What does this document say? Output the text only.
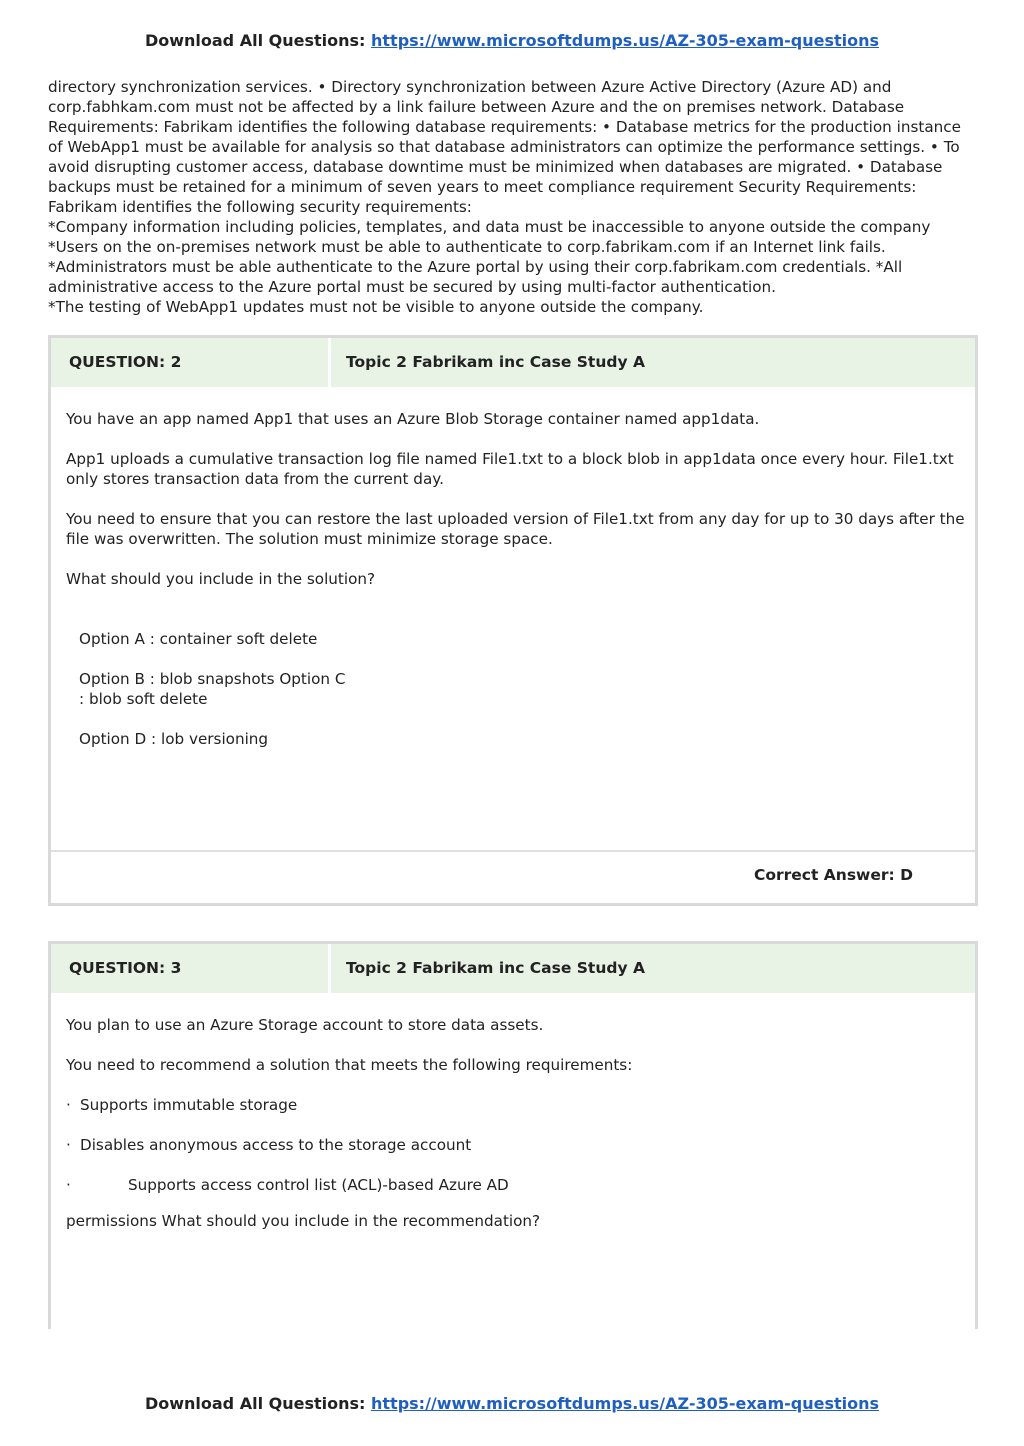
Download All Questions: https://www.microsoftdumps.us/AZ-305-exam-questions

directory synchronization services. • Directory synchronization between Azure Active Directory (Azure AD) and corp.fabhkam.com must not be affected by a link failure between Azure and the on premises network. Database Requirements: Fabrikam identifies the following database requirements: • Database metrics for the production instance of WebApp1 must be available for analysis so that database administrators can optimize the performance settings. • To avoid disrupting customer access, database downtime must be minimized when databases are migrated. • Database backups must be retained for a minimum of seven years to meet compliance requirement Security Requirements: Fabrikam identifies the following security requirements:

*Company information including policies, templates, and data must be inaccessible to anyone outside the company

*Users on the on-premises network must be able to authenticate to corp.fabrikam.com if an Internet link fails.

*Administrators must be able authenticate to the Azure portal by using their corp.fabrikam.com credentials. *All administrative access to the Azure portal must be secured by using multi-factor authentication.

*The testing of WebApp1 updates must not be visible to anyone outside the company.

QUESTION: 2	Topic 2 Fabrikam inc Case Study A

You have an app named App1 that uses an Azure Blob Storage container named app1data.

App1 uploads a cumulative transaction log file named File1.txt to a block blob in app1data once every hour. File1.txt only stores transaction data from the current day.

You need to ensure that you can restore the last uploaded version of File1.txt from any day for up to 30 days after the file was overwritten. The solution must minimize storage space.

What should you include in the solution?

Option A : container soft delete

Option B : blob snapshots Option C : blob soft delete

Option D : lob versioning

Correct Answer: D
QUESTION: 3	Topic 2 Fabrikam inc Case Study A

You plan to use an Azure Storage account to store data assets.

You need to recommend a solution that meets the following requirements:

· Supports immutable storage

· Disables anonymous access to the storage account

·	Supports access control list (ACL)-based Azure AD

permissions What should you include in the recommendation?

Download All Questions: https://www.microsoftdumps.us/AZ-305-exam-questions
